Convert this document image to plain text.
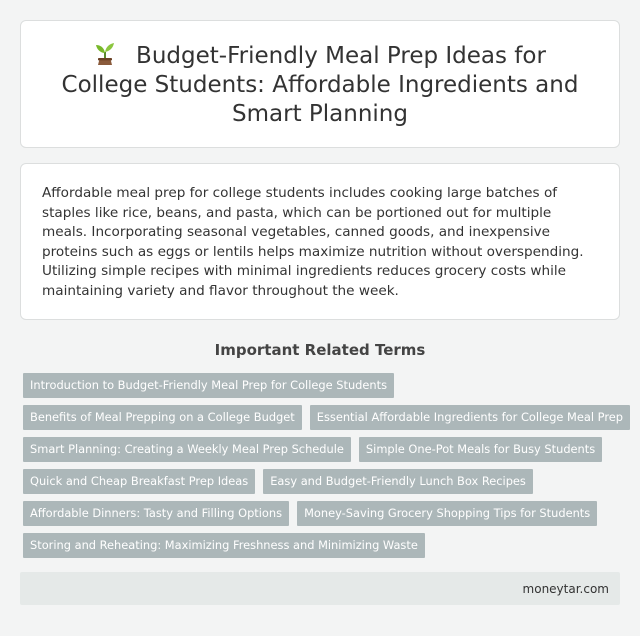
Budget-Friendly Meal Prep Ideas for College Students: Affordable Ingredients and Smart Planning

Affordable meal prep for college students includes cooking large batches of staples like rice, beans, and pasta, which can be portioned out for multiple meals. Incorporating seasonal vegetables, canned goods, and inexpensive proteins such as eggs or lentils helps maximize nutrition without overspending. Utilizing simple recipes with minimal ingredients reduces grocery costs while maintaining variety and flavor throughout the week.

Important Related Terms
Introduction to Budget-Friendly Meal Prep for College Students
Benefits of Meal Prepping on a College Budget	Essential Affordable Ingredients for College Meal Prep
Smart Planning: Creating a Weekly Meal Prep Schedule	Simple One-Pot Meals for Busy Students
Quick and Cheap Breakfast Prep Ideas	Easy and Budget-Friendly Lunch Box Recipes
Affordable Dinners: Tasty and Filling Options	Money-Saving Grocery Shopping Tips for Students
Storing and Reheating: Maximizing Freshness and Minimizing Waste
moneytar.com
